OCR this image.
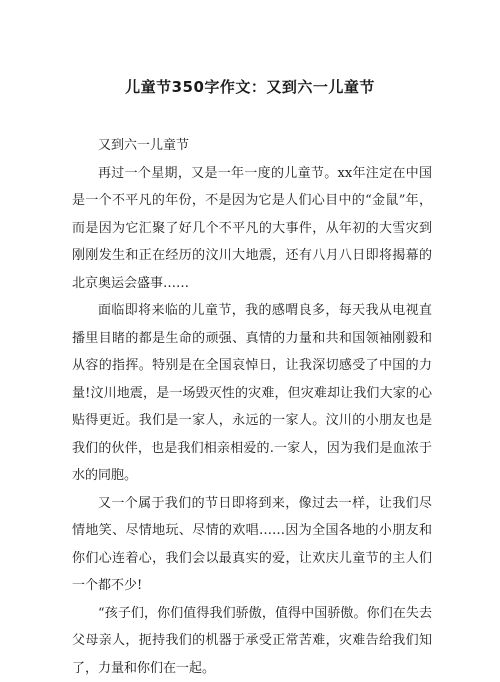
儿童节350字作文：又到六一儿童节

又到六一儿童节

再过一个星期，又是一年一度的儿童节。xx年注定在中国是一个不平凡的年份，不是因为它是人们心目中的“金鼠”年，而是因为它汇聚了好几个不平凡的大事件，从年初的大雪灾到刚刚发生和正在经历的汶川大地震，还有八月八日即将揭幕的北京奥运会盛事……

面临即将来临的儿童节，我的感喟良多，每天我从电视直播里目睹的都是生命的顽强、真情的力量和共和国领袖刚毅和从容的指挥。特别是在全国哀悼日，让我深切感受了中国的力量!汶川地震，是一场毁灭性的灾难，但灾难却让我们大家的心贴得更近。我们是一家人，永远的一家人。汶川的小朋友也是我们的伙伴，也是我们相亲相爱的.一家人，因为我们是血浓于水的同胞。

又一个属于我们的节日即将到来，像过去一样，让我们尽情地笑、尽情地玩、尽情的欢唱……因为全国各地的小朋友和你们心连着心，我们会以最真实的爱，让欢庆儿童节的主人们一个都不少!

“孩子们，你们值得我们骄傲，值得中国骄傲。你们在失去父母亲人，扼持我们的机器于承受正常苦难，灾难告给我们知了，力量和你们在一起。
